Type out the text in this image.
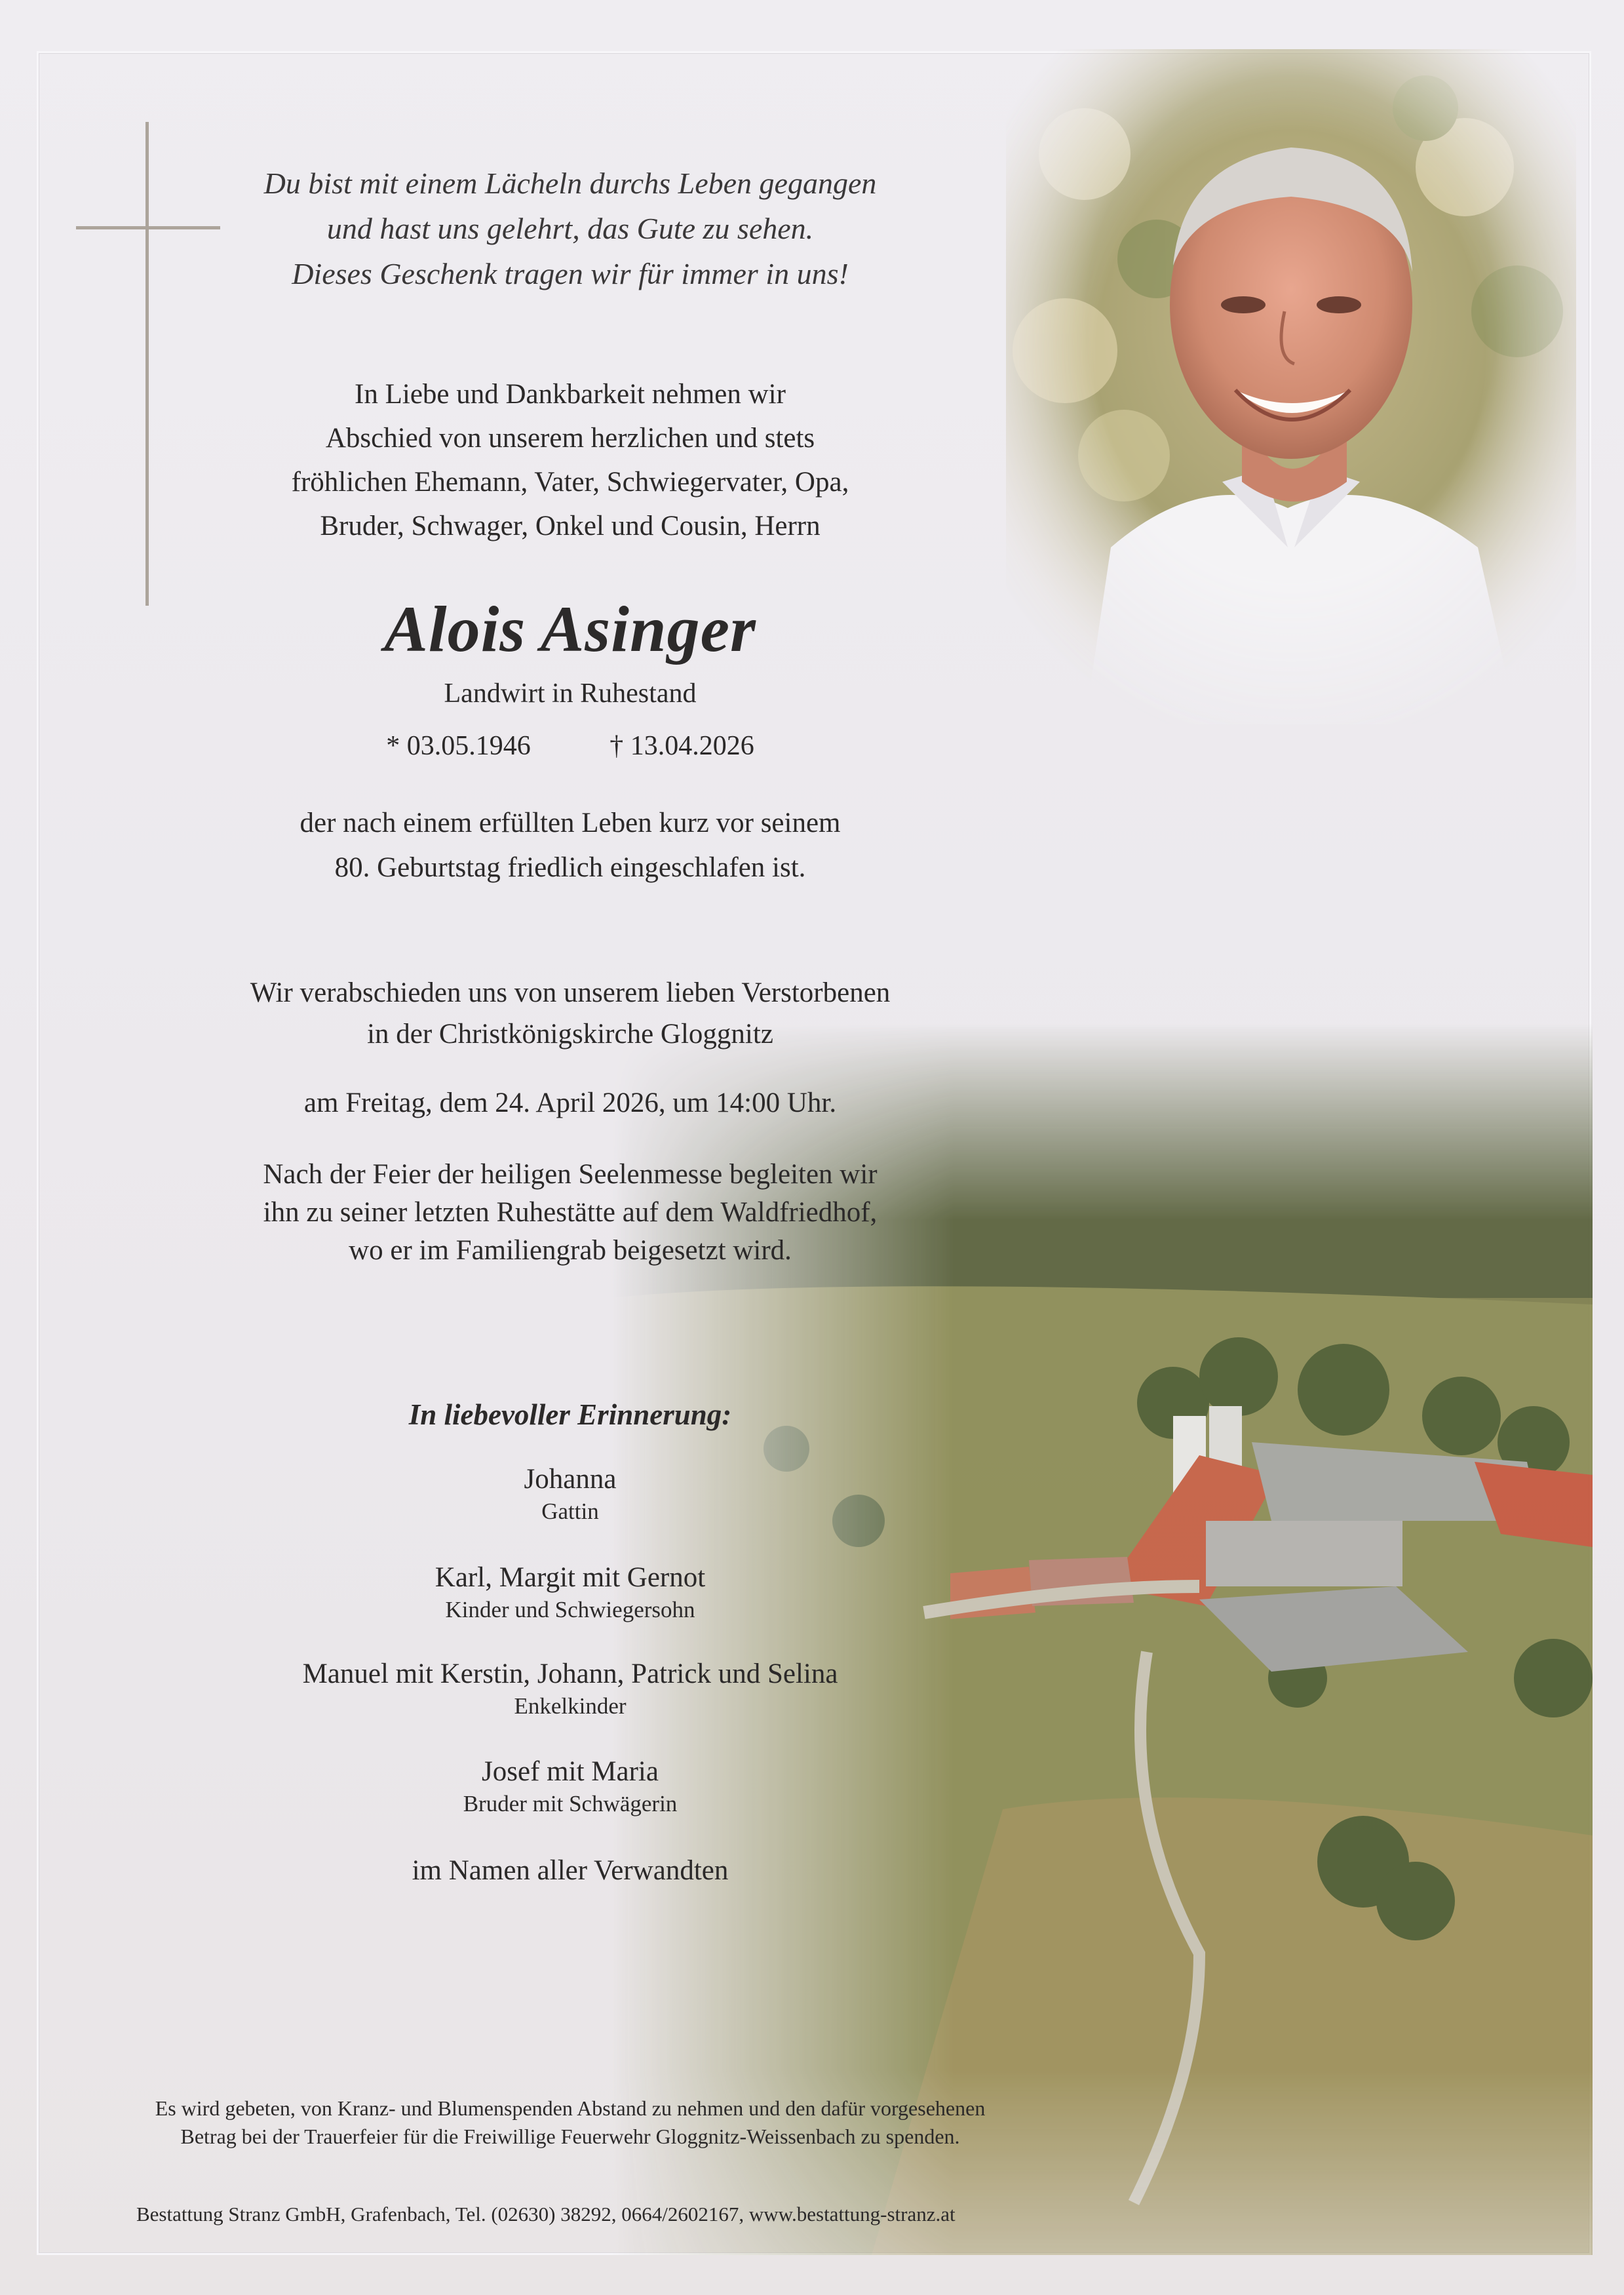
Du bist mit einem Lächeln durchs Leben gegangen
und hast uns gelehrt, das Gute zu sehen.
Dieses Geschenk tragen wir für immer in uns!
In Liebe und Dankbarkeit nehmen wir
Abschied von unserem herzlichen und stets
fröhlichen Ehemann, Vater, Schwiegervater, Opa,
Bruder, Schwager, Onkel und Cousin, Herrn
Alois Asinger
Landwirt in Ruhestand
* 03.05.1946	† 13.04.2026
der nach einem erfüllten Leben kurz vor seinem
80. Geburtstag friedlich eingeschlafen ist.
Wir verabschieden uns von unserem lieben Verstorbenen
in der Christkönigskirche Gloggnitz
am Freitag, dem 24. April 2026, um 14:00 Uhr.
Nach der Feier der heiligen Seelenmesse begleiten wir
ihn zu seiner letzten Ruhestätte auf dem Waldfriedhof,
wo er im Familiengrab beigesetzt wird.
In liebevoller Erinnerung:
Johanna
Gattin
Karl, Margit mit Gernot
Kinder und Schwiegersohn
Manuel mit Kerstin, Johann, Patrick und Selina
Enkelkinder
Josef mit Maria
Bruder mit Schwägerin
im Namen aller Verwandten
Es wird gebeten, von Kranz- und Blumenspenden Abstand zu nehmen und den dafür vorgesehenen
Betrag bei der Trauerfeier für die Freiwillige Feuerwehr Gloggnitz-Weissenbach zu spenden.
Bestattung Stranz GmbH, Grafenbach, Tel. (02630) 38292, 0664/2602167, www.bestattung-stranz.at
